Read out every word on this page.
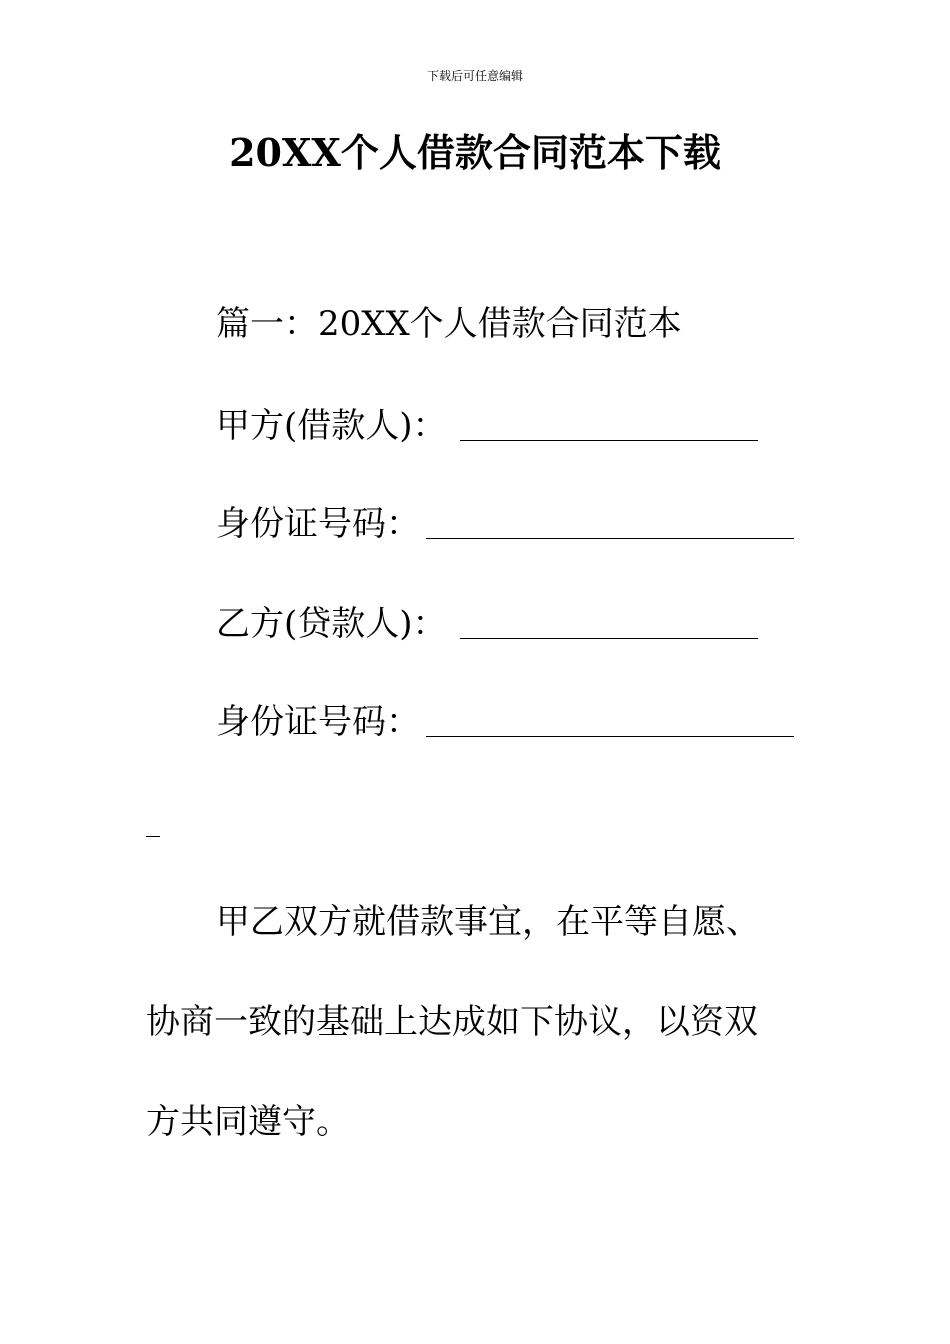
下载后可任意编辑
20XX个人借款合同范本下载
篇一：20XX个人借款合同范本
甲方(借款人)：
身份证号码：
乙方(贷款人)：
身份证号码：
甲乙双方就借款事宜，在平等自愿、
协商一致的基础上达成如下协议，以资双
方共同遵守。
